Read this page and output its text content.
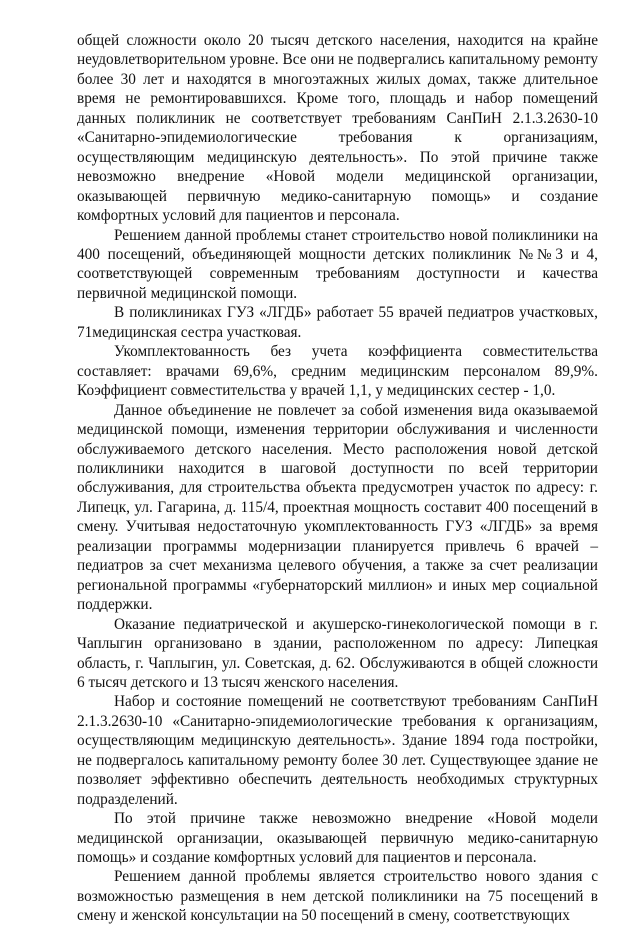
общей сложности около 20 тысяч детского населения, находится на крайне неудовлетворительном уровне. Все они не подвергались капитальному ремонту более 30 лет и находятся в многоэтажных жилых домах, также длительное время не ремонтировавшихся. Кроме того, площадь и набор помещений данных поликлиник не соответствует требованиям СанПиН 2.1.3.2630-10 «Санитарно-эпидемиологические требования к организациям, осуществляющим медицинскую деятельность». По этой причине также невозможно внедрение «Новой модели медицинской организации, оказывающей первичную медико-санитарную помощь» и создание комфортных условий для пациентов и персонала.

Решением данной проблемы станет строительство новой поликлиники на 400 посещений, объединяющей мощности детских поликлиник №№3 и 4, соответствующей современным требованиям доступности и качества первичной медицинской помощи.

В поликлиниках ГУЗ «ЛГДБ» работает 55 врачей педиатров участковых, 71медицинская сестра участковая.

Укомплектованность без учета коэффициента совместительства составляет: врачами 69,6%, средним медицинским персоналом 89,9%. Коэффициент совместительства у врачей 1,1, у медицинских сестер - 1,0.

Данное объединение не повлечет за собой изменения вида оказываемой медицинской помощи, изменения территории обслуживания и численности обслуживаемого детского населения. Место расположения новой детской поликлиники находится в шаговой доступности по всей территории обслуживания, для строительства объекта предусмотрен участок по адресу: г. Липецк, ул. Гагарина, д. 115/4, проектная мощность составит 400 посещений в смену. Учитывая недостаточную укомплектованность ГУЗ «ЛГДБ» за время реализации программы модернизации планируется привлечь 6 врачей – педиатров за счет механизма целевого обучения, а также за счет реализации региональной программы «губернаторский миллион» и иных мер социальной поддержки.

Оказание педиатрической и акушерско-гинекологической помощи в г. Чаплыгин организовано в здании, расположенном по адресу: Липецкая область, г. Чаплыгин, ул. Советская, д. 62. Обслуживаются в общей сложности 6 тысяч детского и 13 тысяч женского населения.

Набор и состояние помещений не соответствуют требованиям СанПиН 2.1.3.2630-10 «Санитарно-эпидемиологические требования к организациям, осуществляющим медицинскую деятельность». Здание 1894 года постройки, не подвергалось капитальному ремонту более 30 лет. Существующее здание не позволяет эффективно обеспечить деятельность необходимых структурных подразделений.

По этой причине также невозможно внедрение «Новой модели медицинской организации, оказывающей первичную медико-санитарную помощь» и создание комфортных условий для пациентов и персонала.

Решением данной проблемы является строительство нового здания с возможностью размещения в нем детской поликлиники на 75 посещений в смену и женской консультации на 50 посещений в смену, соответствующих
